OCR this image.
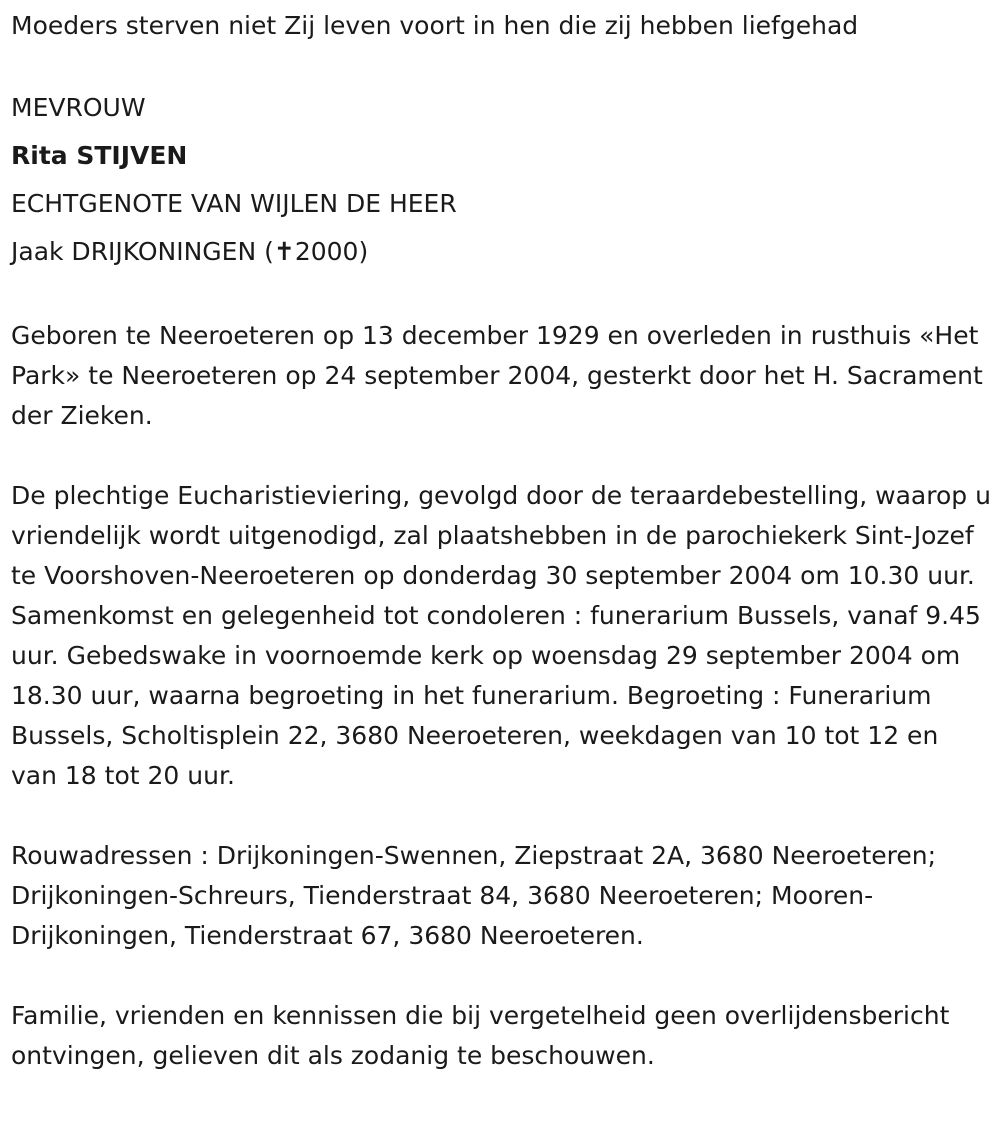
Moeders sterven niet Zij leven voort in hen die zij hebben liefgehad
MEVROUW
Rita STIJVEN
ECHTGENOTE VAN WIJLEN DE HEER
Jaak DRIJKONINGEN (✝2000)

Geboren te Neeroeteren op 13 december 1929 en overleden in rusthuis «Het Park» te Neeroeteren op 24 september 2004, gesterkt door het H. Sacrament der Zieken.

De plechtige Eucharistieviering, gevolgd door de teraardebestelling, waarop u vriendelijk wordt uitgenodigd, zal plaatshebben in de parochiekerk Sint-Jozef te Voorshoven-Neeroeteren op donderdag 30 september 2004 om 10.30 uur. Samenkomst en gelegenheid tot condoleren : funerarium Bussels, vanaf 9.45 uur. Gebedswake in voornoemde kerk op woensdag 29 september 2004 om 18.30 uur, waarna begroeting in het funerarium. Begroeting : Funerarium Bussels, Scholtisplein 22, 3680 Neeroeteren, weekdagen van 10 tot 12 en van 18 tot 20 uur.

Rouwadressen : Drijkoningen-Swennen, Ziepstraat 2A, 3680 Neeroeteren; Drijkoningen-Schreurs, Tienderstraat 84, 3680 Neeroeteren; Mooren-Drijkoningen, Tienderstraat 67, 3680 Neeroeteren.

Familie, vrienden en kennissen die bij vergetelheid geen overlijdensbericht ontvingen, gelieven dit als zodanig te beschouwen.
